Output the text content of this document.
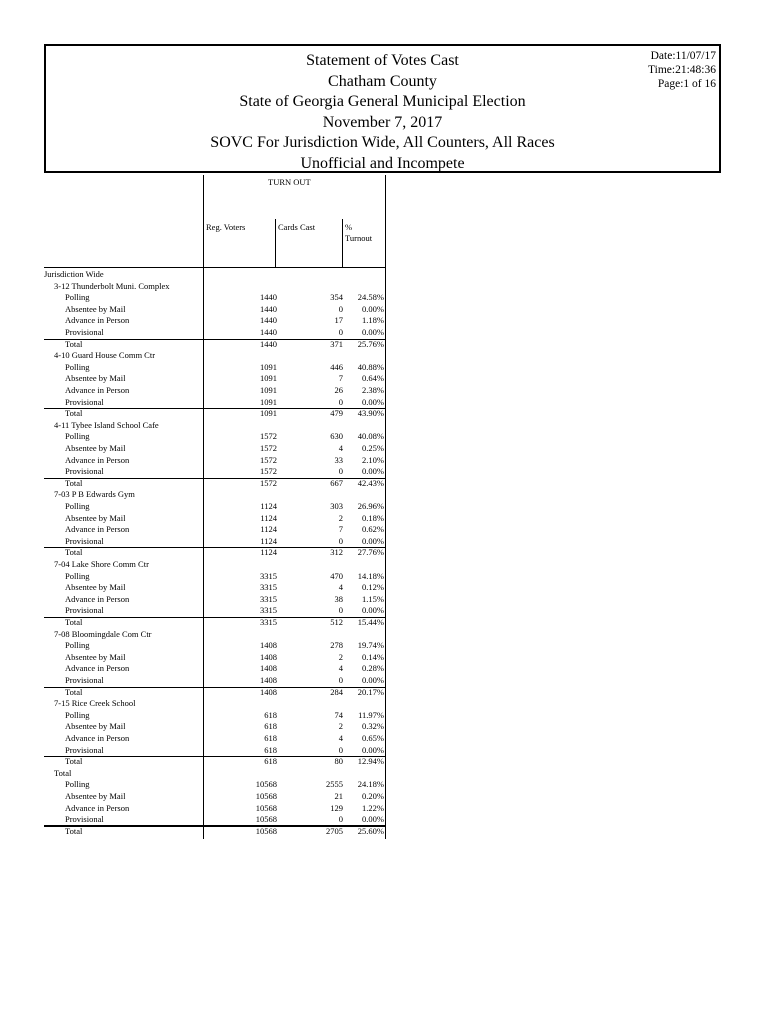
Statement of Votes Cast
Chatham County
State of Georgia General Municipal Election
November 7, 2017
SOVC For Jurisdiction Wide, All Counters, All Races
Unofficial and Incompete
Date:11/07/17
Time:21:48:36
Page:1 of 16
TURN OUT
Reg. Voters	Cards Cast	%
Turnout
Jurisdiction Wide
3-12 Thunderbolt Muni. Complex
Polling	1440	354 24.58%
Absentee by Mail	1440	0 0.00%
Advance in Person	1440	17 1.18%
Provisional	1440	0 0.00%
Total	1440	371 25.76%
4-10 Guard House Comm Ctr
Polling	1091	446 40.88%
Absentee by Mail	1091	7 0.64%
Advance in Person	1091	26 2.38%
Provisional	1091	0 0.00%
Total	1091	479 43.90%
4-11 Tybee Island School Cafe
Polling	1572	630 40.08%
Absentee by Mail	1572	4 0.25%
Advance in Person	1572	33 2.10%
Provisional	1572	0 0.00%
Total	1572	667 42.43%
7-03 P B Edwards Gym
Polling	1124	303 26.96%
Absentee by Mail	1124	2 0.18%
Advance in Person	1124	7 0.62%
Provisional	1124	0 0.00%
Total	1124	312 27.76%
7-04 Lake Shore Comm Ctr
Polling	3315	470 14.18%
Absentee by Mail	3315	4 0.12%
Advance in Person	3315	38 1.15%
Provisional	3315	0 0.00%
Total	3315	512 15.44%
7-08 Bloomingdale Com Ctr
Polling	1408	278 19.74%
Absentee by Mail	1408	2 0.14%
Advance in Person	1408	4 0.28%
Provisional	1408	0 0.00%
Total	1408	284 20.17%
7-15 Rice Creek School
Polling	618	74 11.97%
Absentee by Mail	618	2 0.32%
Advance in Person	618	4 0.65%
Provisional	618	0 0.00%
Total	618	80 12.94%
Total
Polling	10568	2555 24.18%
Absentee by Mail	10568	21 0.20%
Advance in Person	10568	129 1.22%
Provisional	10568	0 0.00%
Total	10568	2705 25.60%
